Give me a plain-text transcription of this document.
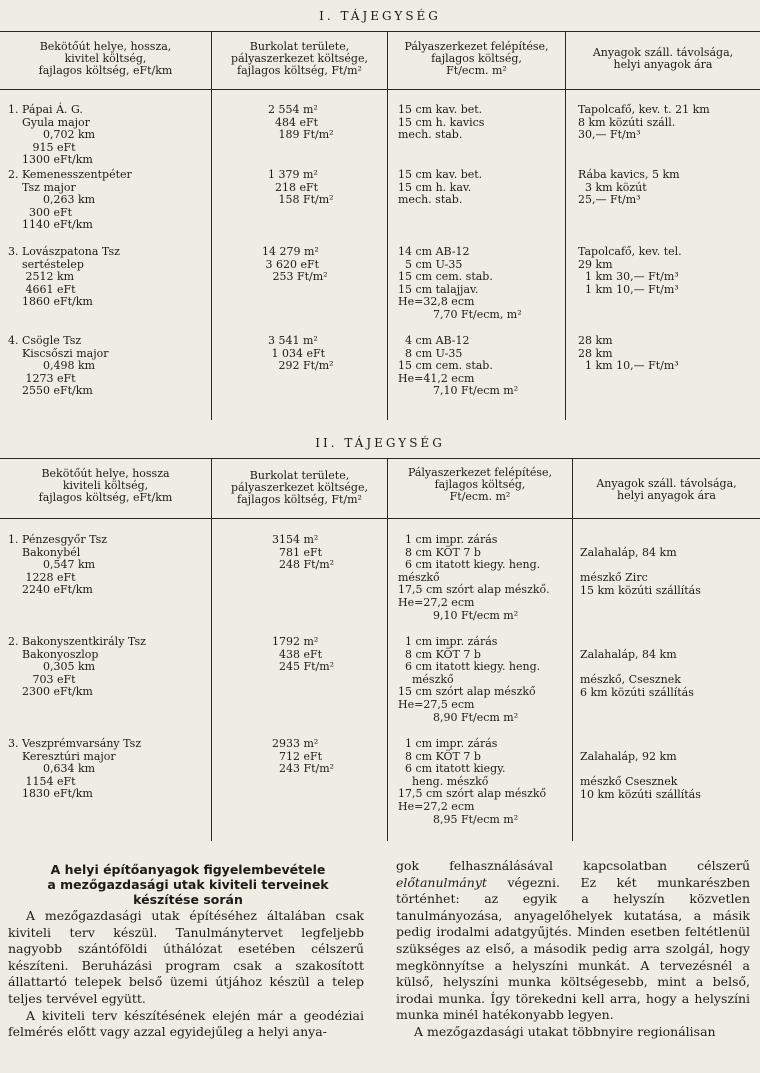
I. TÁJEGYSÉG
Bekötőút helye, hossza,
kivitel költség,
fajlagos költség, eFt/km
Burkolat területe,
pályaszerkezet költsége,
fajlagos költség, Ft/m²
Pályaszerkezet felépítése,
fajlagos költség,
Ft/ecm. m²
Anyagok száll. távolsága,
helyi anyagok ára
1. Pápai Á. G.
Gyula major
0,702 km
915 eFt
1300 eFt/km
2 554 m²
484 eFt
189 Ft/m²
15 cm kav. bet.
15 cm h. kavics
mech. stab.
Tapolcafő, kev. t. 21 km
8 km közúti száll.
30,— Ft/m³
2. Kemenesszentpéter
Tsz major
0,263 km
300 eFt
1140 eFt/km
1 379 m²
218 eFt
158 Ft/m²
15 cm kav. bet.
15 cm h. kav.
mech. stab.
Rába kavics, 5 km
3 km közút
25,— Ft/m³
3. Lovászpatona Tsz
sertéstelep
2512 km
4661 eFt
1860 eFt/km
14 279 m²
3 620 eFt
253 Ft/m²
14 cm AB-12
5 cm U-35
15 cm cem. stab.
15 cm talajjav.
He=32,8 ecm
7,70 Ft/ecm, m²
Tapolcafő, kev. tel.
29 km
1 km 30,— Ft/m³
1 km 10,— Ft/m³
4. Csögle Tsz
Kiscsőszi major
0,498 km
1273 eFt
2550 eFt/km
3 541 m²
1 034 eFt
292 Ft/m²
4 cm AB-12
8 cm U-35
15 cm cem. stab.
He=41,2 ecm
7,10 Ft/ecm m²
28 km
28 km
1 km 10,— Ft/m³
II. TÁJEGYSÉG
Bekötőút helye, hossza
kiviteli költség,
fajlagos költség, eFt/km
Burkolat területe,
pályaszerkezet költsége,
fajlagos költség, Ft/m²
Pályaszerkezet felépítése,
fajlagos költség,
Ft/ecm. m²
Anyagok száll. távolsága,
helyi anyagok ára
1. Pénzesgyőr Tsz
Bakonybél
0,547 km
1228 eFt
2240 eFt/km
3154 m²
781 eFt
248 Ft/m²
1 cm impr. zárás
8 cm KÖT 7 b
6 cm itatott kiegy. heng.
mészkő
17,5 cm szórt alap mészkő.
He=27,2 ecm
9,10 Ft/ecm m²
Zalahaláp, 84 km

mészkő Zirc
15 km közúti szállítás
2. Bakonyszentkirály Tsz
Bakonyoszlop
0,305 km
703 eFt
2300 eFt/km
1792 m²
438 eFt
245 Ft/m²
1 cm impr. zárás
8 cm KÖT 7 b
6 cm itatott kiegy. heng.
mészkő
15 cm szórt alap mészkő
He=27,5 ecm
8,90 Ft/ecm m²
Zalahaláp, 84 km

mészkő, Csesznek
6 km közúti szállítás
3. Veszprémvarsány Tsz
Keresztúri major
0,634 km
1154 eFt
1830 eFt/km
2933 m²
712 eFt
243 Ft/m²
1 cm impr. zárás
8 cm KÖT 7 b
6 cm itatott kiegy.
heng. mészkő
17,5 cm szórt alap mészkő
He=27,2 ecm
8,95 Ft/ecm m²
Zalahaláp, 92 km

mészkő Csesznek
10 km közúti szállítás
A helyi építőanyagok figyelembevétele
a mezőgazdasági utak kiviteli terveinek
készítése során

A mezőgazdasági utak építéséhez általában csak kiviteli terv készül. Tanulmánytervet legfeljebb nagyobb szántóföldi úthálózat esetében célszerű készíteni. Beruházási program csak a szakosított állattartó telepek belső üzemi útjához készül a telep teljes tervével együtt.

A kiviteli terv készítésének elején már a geodéziai felmérés előtt vagy azzal egyidejűleg a helyi anya-

gok felhasználásával kapcsolatban célszerű előtanulmányt végezni. Ez két munkarészben történhet: az egyik a helyszín közvetlen tanulmányozása, anyagelőhelyek kutatása, a másik pedig irodalmi adatgyűjtés. Minden esetben feltétlenül szükséges az első, a második pedig arra szolgál, hogy megkönnyítse a helyszíni munkát. A tervezésnél a külső, helyszíni munka költségesebb, mint a belső, irodai munka. Így törekedni kell arra, hogy a helyszíni munka minél hatékonyabb legyen.

A mezőgazdasági utakat többnyire regionálisan
